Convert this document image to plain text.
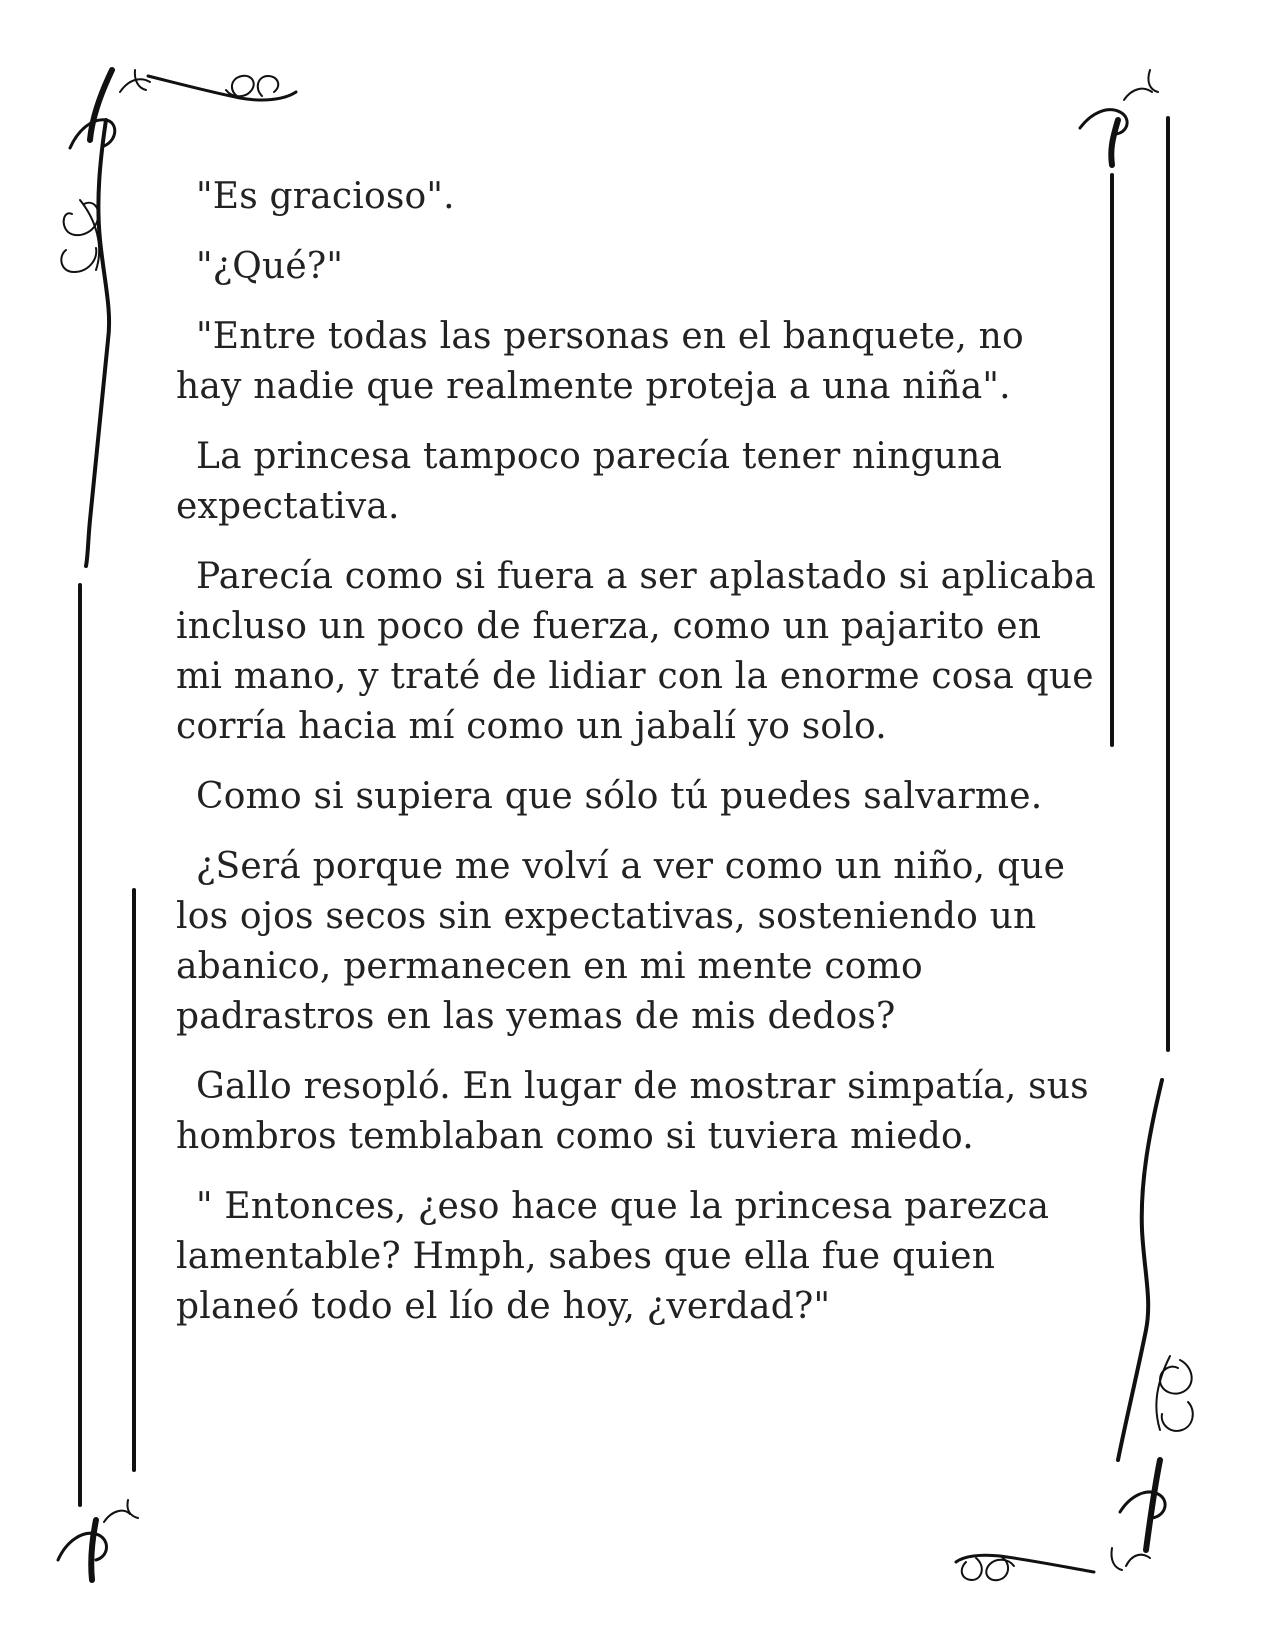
"Es gracioso".

"¿Qué?"

"Entre todas las personas en el banquete, no hay nadie que realmente proteja a una niña".

La princesa tampoco parecía tener ninguna expectativa.

Parecía como si fuera a ser aplastado si aplicaba incluso un poco de fuerza, como un pajarito en mi mano, y traté de lidiar con la enorme cosa que corría hacia mí como un jabalí yo solo.

Como si supiera que sólo tú puedes salvarme.

¿Será porque me volví a ver como un niño, que los ojos secos sin expectativas, sosteniendo un abanico, permanecen en mi mente como padrastros en las yemas de mis dedos?

Gallo resopló. En lugar de mostrar simpatía, sus hombros temblaban como si tuviera miedo.

" Entonces, ¿eso hace que la princesa parezca lamentable? Hmph, sabes que ella fue quien planeó todo el lío de hoy, ¿verdad?"
